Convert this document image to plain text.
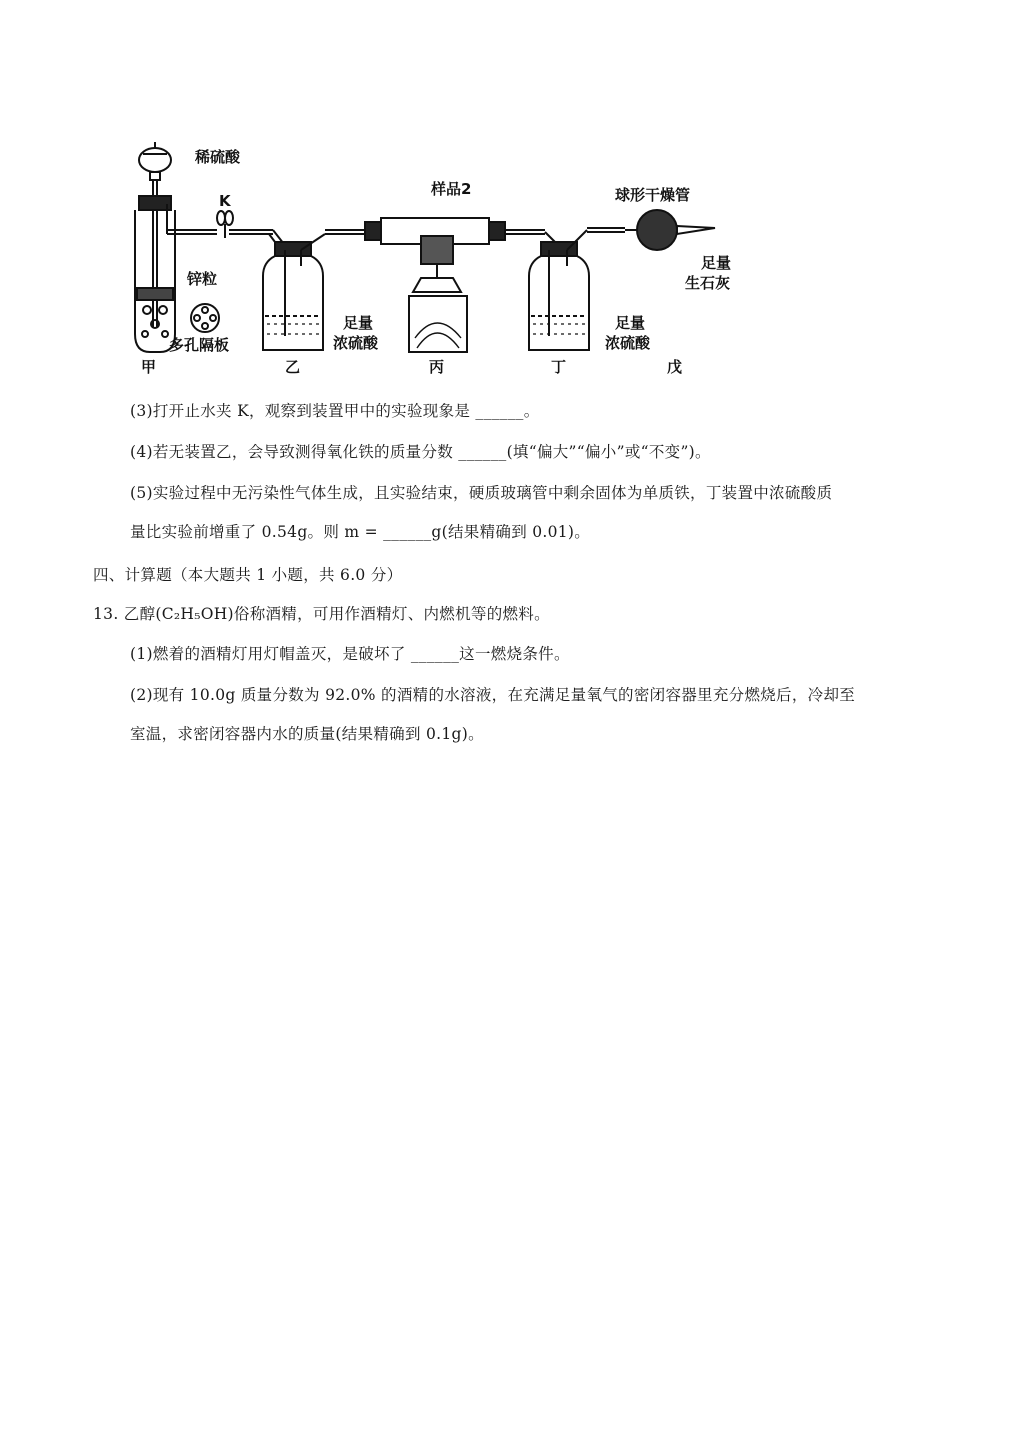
稀硫酸
K
锌粒
多孔隔板
样品2	球形干燥管
足量
浓硫酸
足量
浓硫酸
足量
生石灰
甲	乙	丙	丁	戊
(3)打开止水夹 K，观察到装置甲中的实验现象是 ______。
(4)若无装置乙，会导致测得氧化铁的质量分数 ______(填“偏大”“偏小”或“不变”)。
(5)实验过程中无污染性气体生成，且实验结束，硬质玻璃管中剩余固体为单质铁，丁装置中浓硫酸质
量比实验前增重了 0.54g。则 m = ______g(结果精确到 0.01)。
四、计算题（本大题共 1 小题，共 6.0 分）
13. 乙醇(C₂H₅OH)俗称酒精，可用作酒精灯、内燃机等的燃料。
(1)燃着的酒精灯用灯帽盖灭，是破坏了 ______这一燃烧条件。
(2)现有 10.0g 质量分数为 92.0% 的酒精的水溶液，在充满足量氧气的密闭容器里充分燃烧后，冷却至
室温，求密闭容器内水的质量(结果精确到 0.1g)。
